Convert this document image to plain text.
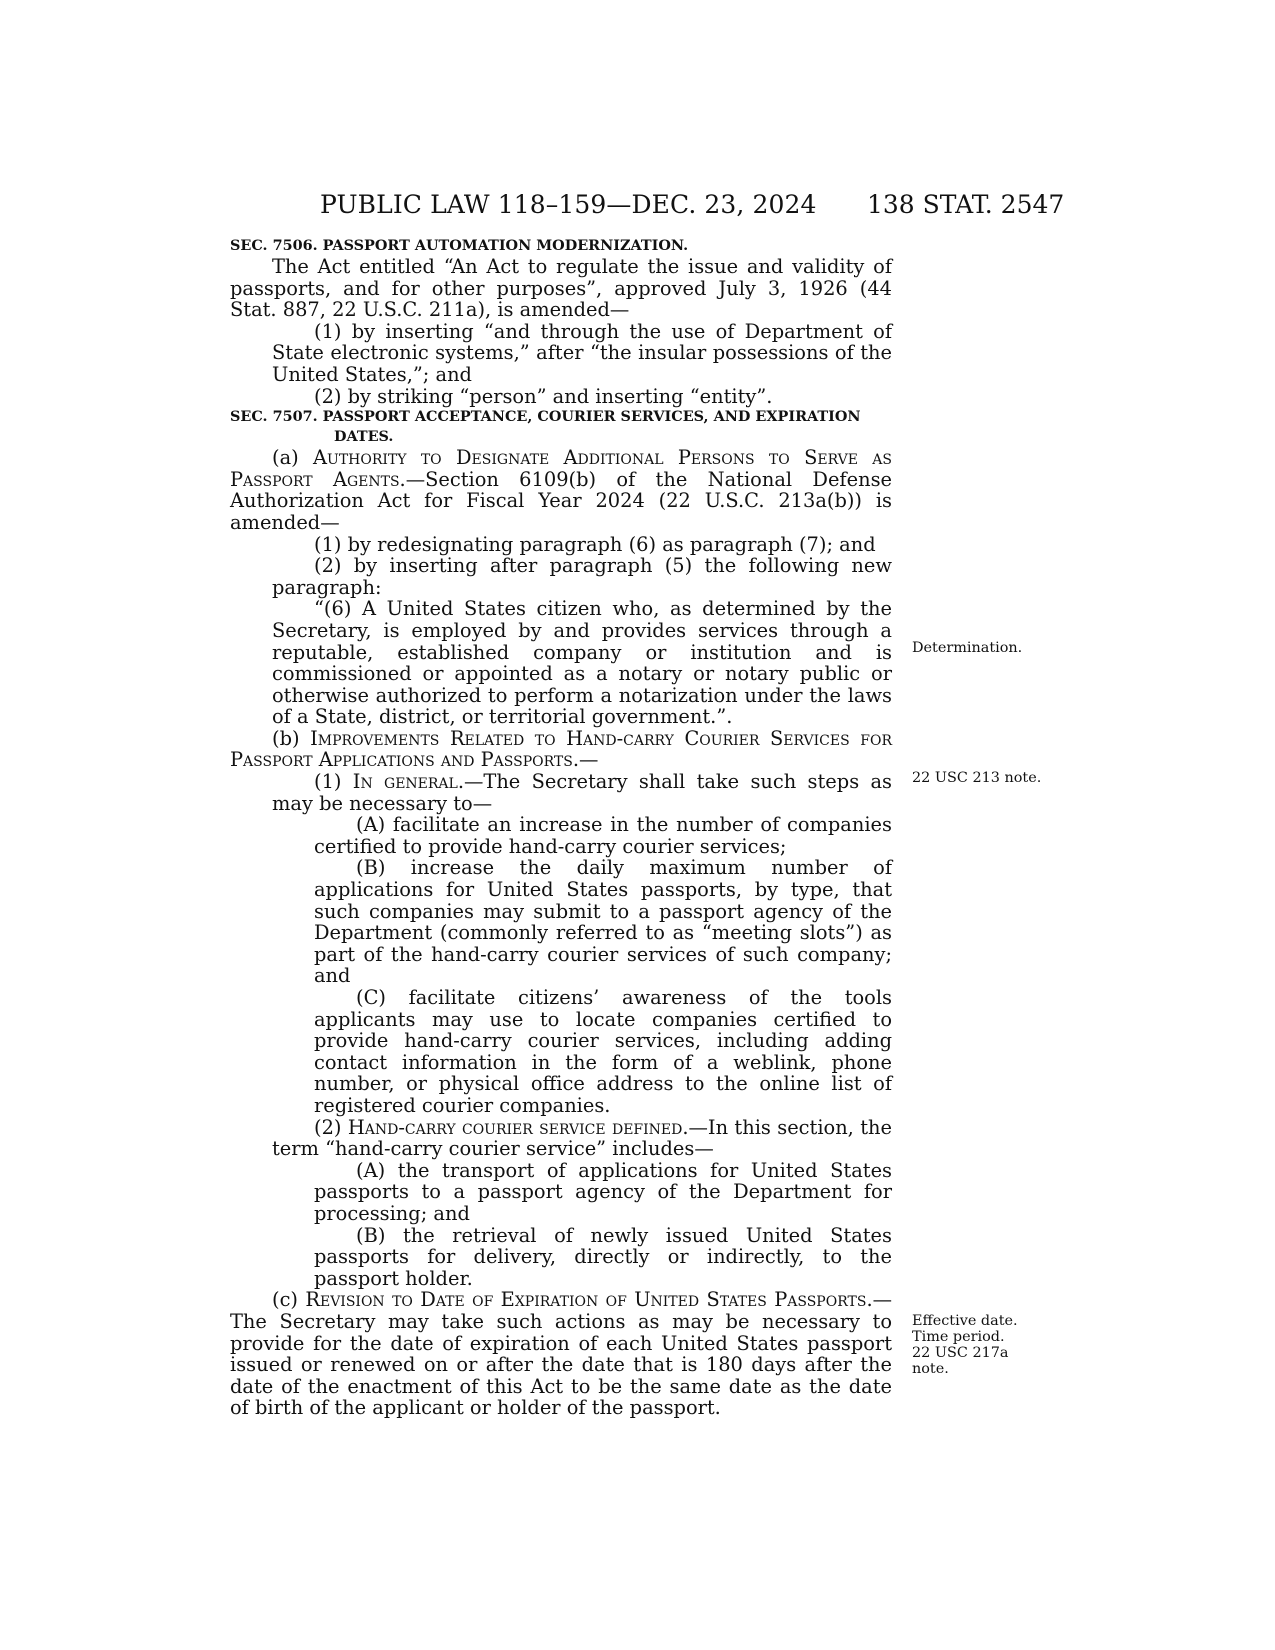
PUBLIC LAW 118–159—DEC. 23, 2024 138 STAT. 2547

SEC. 7506. PASSPORT AUTOMATION MODERNIZATION.

The Act entitled “An Act to regulate the issue and validity of passports, and for other purposes”, approved July 3, 1926 (44 Stat. 887, 22 U.S.C. 211a), is amended—

(1) by inserting “and through the use of Department of State electronic systems,” after “the insular possessions of the United States,”; and

(2) by striking “person” and inserting “entity”.

SEC. 7507. PASSPORT ACCEPTANCE, COURIER SERVICES, AND EXPIRATION DATES.

(a) Authority to Designate Additional Persons to Serve as Passport Agents.—Section 6109(b) of the National Defense Authorization Act for Fiscal Year 2024 (22 U.S.C. 213a(b)) is amended—

(1) by redesignating paragraph (6) as paragraph (7); and

(2) by inserting after paragraph (5) the following new paragraph:

“(6) A United States citizen who, as determined by the Secretary, is employed by and provides services through a reputable, established company or institution and is commissioned or appointed as a notary or notary public or otherwise authorized to perform a notarization under the laws of a State, district, or territorial government.”.

(b) Improvements Related to Hand-carry Courier Services for Passport Applications and Passports.—

(1) In general.—The Secretary shall take such steps as may be necessary to—

(A) facilitate an increase in the number of companies certified to provide hand-carry courier services;

(B) increase the daily maximum number of applications for United States passports, by type, that such companies may submit to a passport agency of the Department (commonly referred to as “meeting slots”) as part of the hand-carry courier services of such company; and

(C) facilitate citizens’ awareness of the tools applicants may use to locate companies certified to provide hand-carry courier services, including adding contact information in the form of a weblink, phone number, or physical office address to the online list of registered courier companies.

(2) Hand-carry courier service defined.—In this section, the term “hand-carry courier service” includes—

(A) the transport of applications for United States passports to a passport agency of the Department for processing; and

(B) the retrieval of newly issued United States passports for delivery, directly or indirectly, to the passport holder.

(c) Revision to Date of Expiration of United States Passports.—The Secretary may take such actions as may be necessary to provide for the date of expiration of each United States passport issued or renewed on or after the date that is 180 days after the date of the enactment of this Act to be the same date as the date of birth of the applicant or holder of the passport.

Determination.
22 USC 213 note.
Effective date.
Time period.
22 USC 217a
note.
